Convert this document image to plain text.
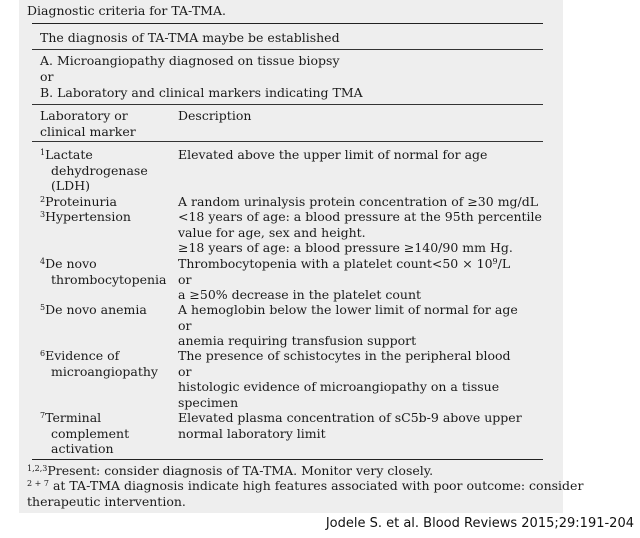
Diagnostic criteria for TA-TMA.
The diagnosis of TA-TMA maybe be established
A. Microangiopathy diagnosed on tissue biopsy
or
B. Laboratory and clinical markers indicating TMA
Laboratory or
clinical marker
Description
$^1$Lactate
dehydrogenase
(LDH)
Elevated above the upper limit of normal for age
$^2$Proteinuria	A random urinalysis protein concentration of ≥30 mg/dL
$^3$Hypertension	<18 years of age: a blood pressure at the 95th percentile
value for age, sex and height.
≥18 years of age: a blood pressure ≥140/90 mm Hg.
$^4$De novo
thrombocytopenia
Thrombocytopenia with a platelet count<50 × $10^9/L$
or
a ≥50% decrease in the platelet count
$^5$De novo anemia A hemoglobin below the lower limit of normal for age
or
anemia requiring transfusion support
$^6$Evidence of
microangiopathy
The presence of schistocytes in the peripheral blood
or
histologic evidence of microangiopathy on a tissue
specimen
$^7$Terminal
complement
activation
Elevated plasma concentration of sC5b-9 above upper
normal laboratory limit
$^{1,2,3}$Present: consider diagnosis of TA-TMA. Monitor very closely.
$^{2 + 7}$ at TA-TMA diagnosis indicate high features associated with poor outcome: consider
therapeutic intervention.
Jodele S. et al. Blood Reviews 2015;29:191-204
